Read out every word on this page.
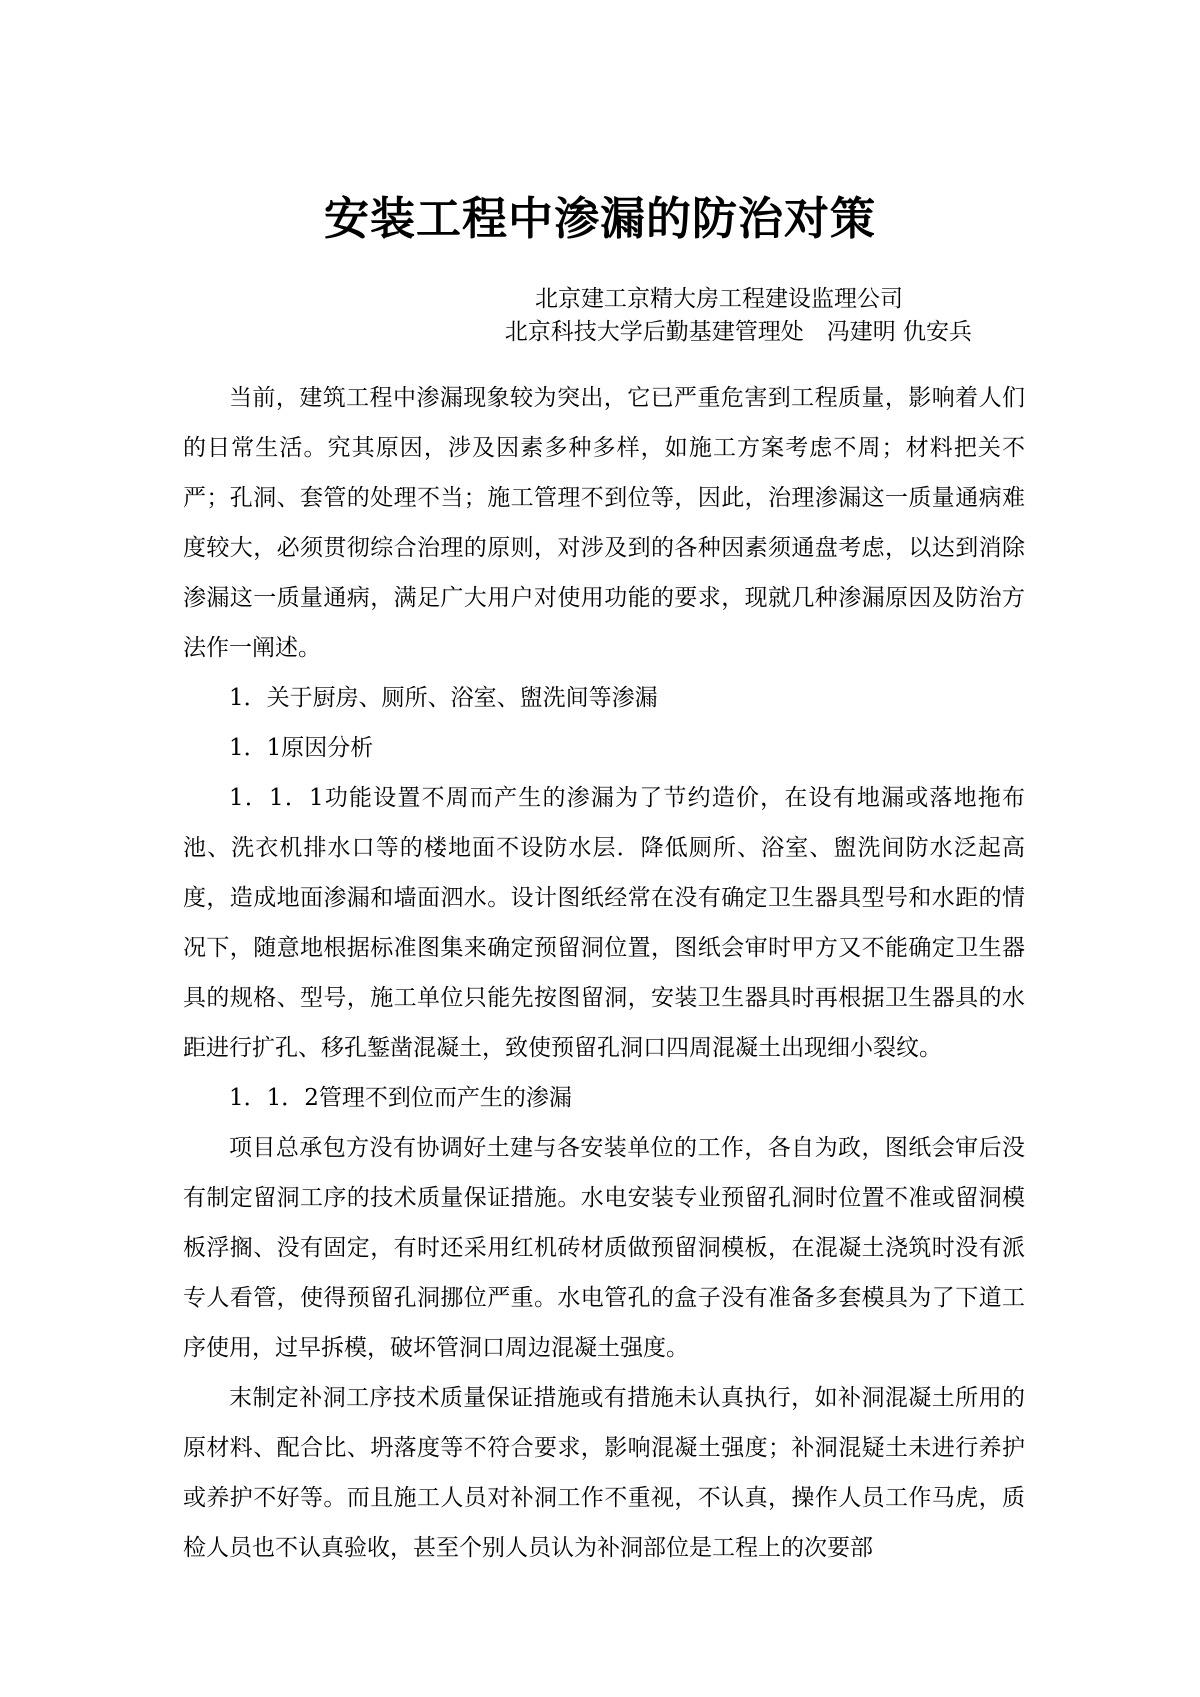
安装工程中渗漏的防治对策
北京建工京精大房工程建设监理公司
北京科技大学后勤基建管理处　冯建明 仇安兵

当前，建筑工程中渗漏现象较为突出，它已严重危害到工程质量，影响着人们的日常生活。究其原因，涉及因素多种多样，如施工方案考虑不周；材料把关不严；孔洞、套管的处理不当；施工管理不到位等，因此，治理渗漏这一质量通病难度较大，必须贯彻综合治理的原则，对涉及到的各种因素须通盘考虑，以达到消除渗漏这一质量通病，满足广大用户对使用功能的要求，现就几种渗漏原因及防治方法作一阐述。

1．关于厨房、厕所、浴室、盥洗间等渗漏

1．1原因分析

1．1．1功能设置不周而产生的渗漏为了节约造价，在设有地漏或落地拖布池、洗衣机排水口等的楼地面不设防水层．降低厕所、浴室、盥洗间防水泛起高度，造成地面渗漏和墙面泗水。设计图纸经常在没有确定卫生器具型号和水距的情况下，随意地根据标准图集来确定预留洞位置，图纸会审时甲方又不能确定卫生器具的规格、型号，施工单位只能先按图留洞，安装卫生器具时再根据卫生器具的水距进行扩孔、移孔錾凿混凝土，致使预留孔洞口四周混凝土出现细小裂纹。

1．1．2管理不到位而产生的渗漏

项目总承包方没有协调好土建与各安装单位的工作，各自为政，图纸会审后没有制定留洞工序的技术质量保证措施。水电安装专业预留孔洞时位置不准或留洞模板浮搁、没有固定，有时还采用红机砖材质做预留洞模板，在混凝土浇筑时没有派专人看管，使得预留孔洞挪位严重。水电管孔的盒子没有准备多套模具为了下道工序使用，过早拆模，破坏管洞口周边混凝土强度。

末制定补洞工序技术质量保证措施或有措施未认真执行，如补洞混凝土所用的原材料、配合比、坍落度等不符合要求，影响混凝土强度；补洞混疑土未进行养护或养护不好等。而且施工人员对补洞工作不重视，不认真，操作人员工作马虎，质检人员也不认真验收，甚至个别人员认为补洞部位是工程上的次要部
